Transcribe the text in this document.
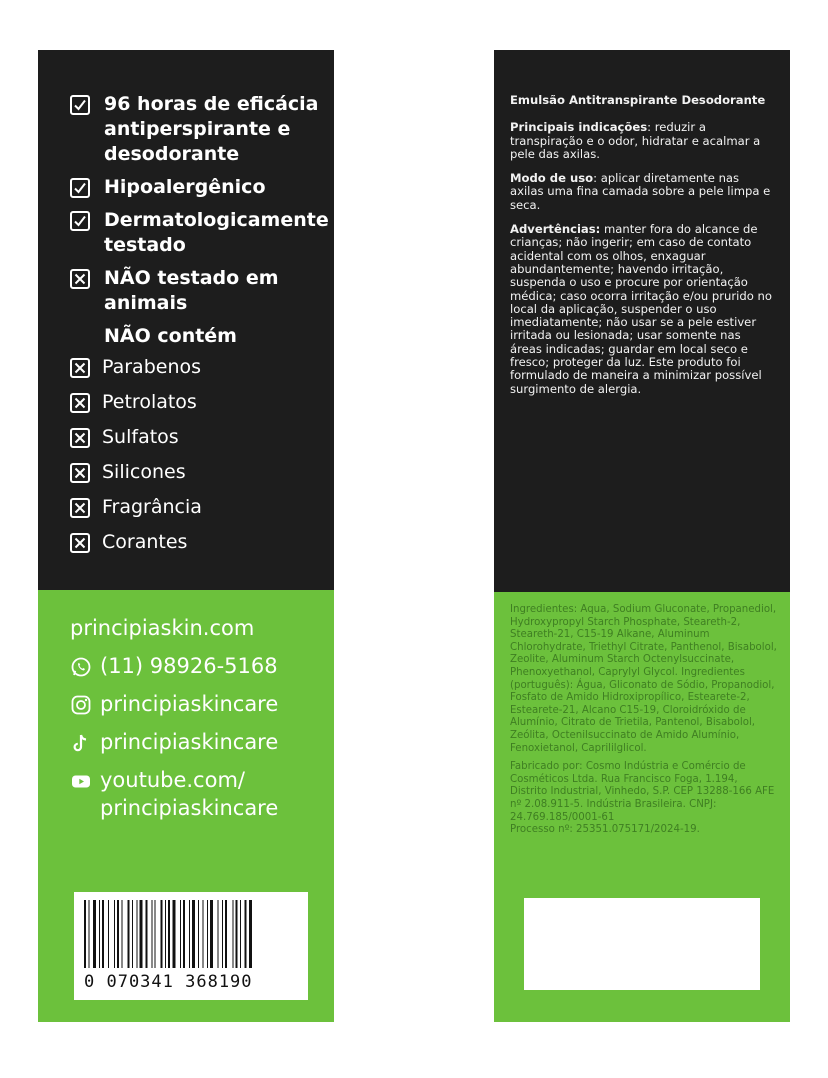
96 horas de eficácia antiperspirante e desodorante
Hipoalergênico
Dermatologicamente testado
NÃO testado em animais
NÃO contém
Parabenos
Petrolatos
Sulfatos
Silicones
Fragrância
Corantes
principiaskin.com
(11) 98926-5168
principiaskincare
principiaskincare
youtube.com/
principiaskincare
0 070341 368190
Emulsão Antitranspirante Desodorante
Principais indicações: reduzir a transpiração e o odor, hidratar e acalmar a pele das axilas.
Modo de uso: aplicar diretamente nas axilas uma fina camada sobre a pele limpa e seca.
Advertências: manter fora do alcance de crianças; não ingerir; em caso de contato acidental com os olhos, enxaguar abundantemente; havendo irritação, suspenda o uso e procure por orientação médica; caso ocorra irritação e/ou prurido no local da aplicação, suspender o uso imediatamente; não usar se a pele estiver irritada ou lesionada; usar somente nas áreas indicadas; guardar em local seco e fresco; proteger da luz. Este produto foi formulado de maneira a minimizar possível surgimento de alergia.

Ingredientes: Aqua, Sodium Gluconate, Propanediol, Hydroxypropyl Starch Phosphate, Steareth-2, Steareth-21, C15-19 Alkane, Aluminum Chlorohydrate, Triethyl Citrate, Panthenol, Bisabolol, Zeolite, Aluminum Starch Octenylsuccinate, Phenoxyethanol, Caprylyl Glycol. Ingredientes (português): Água, Gliconato de Sódio, Propanodiol, Fosfato de Amido Hidroxipropílico, Estearete-2, Estearete-21, Alcano C15-19, Cloroidróxido de Alumínio, Citrato de Trietila, Pantenol, Bisabolol, Zeólita, Octenilsuccinato de Amido Alumínio, Fenoxietanol, Caprililglicol.

Fabricado por: Cosmo Indústria e Comércio de Cosméticos Ltda. Rua Francisco Foga, 1.194, Distrito Industrial, Vinhedo, S.P. CEP 13288-166 AFE nº 2.08.911-5. Indústria Brasileira. CNPJ: 24.769.185/0001-61
Processo nº: 25351.075171/2024-19.
